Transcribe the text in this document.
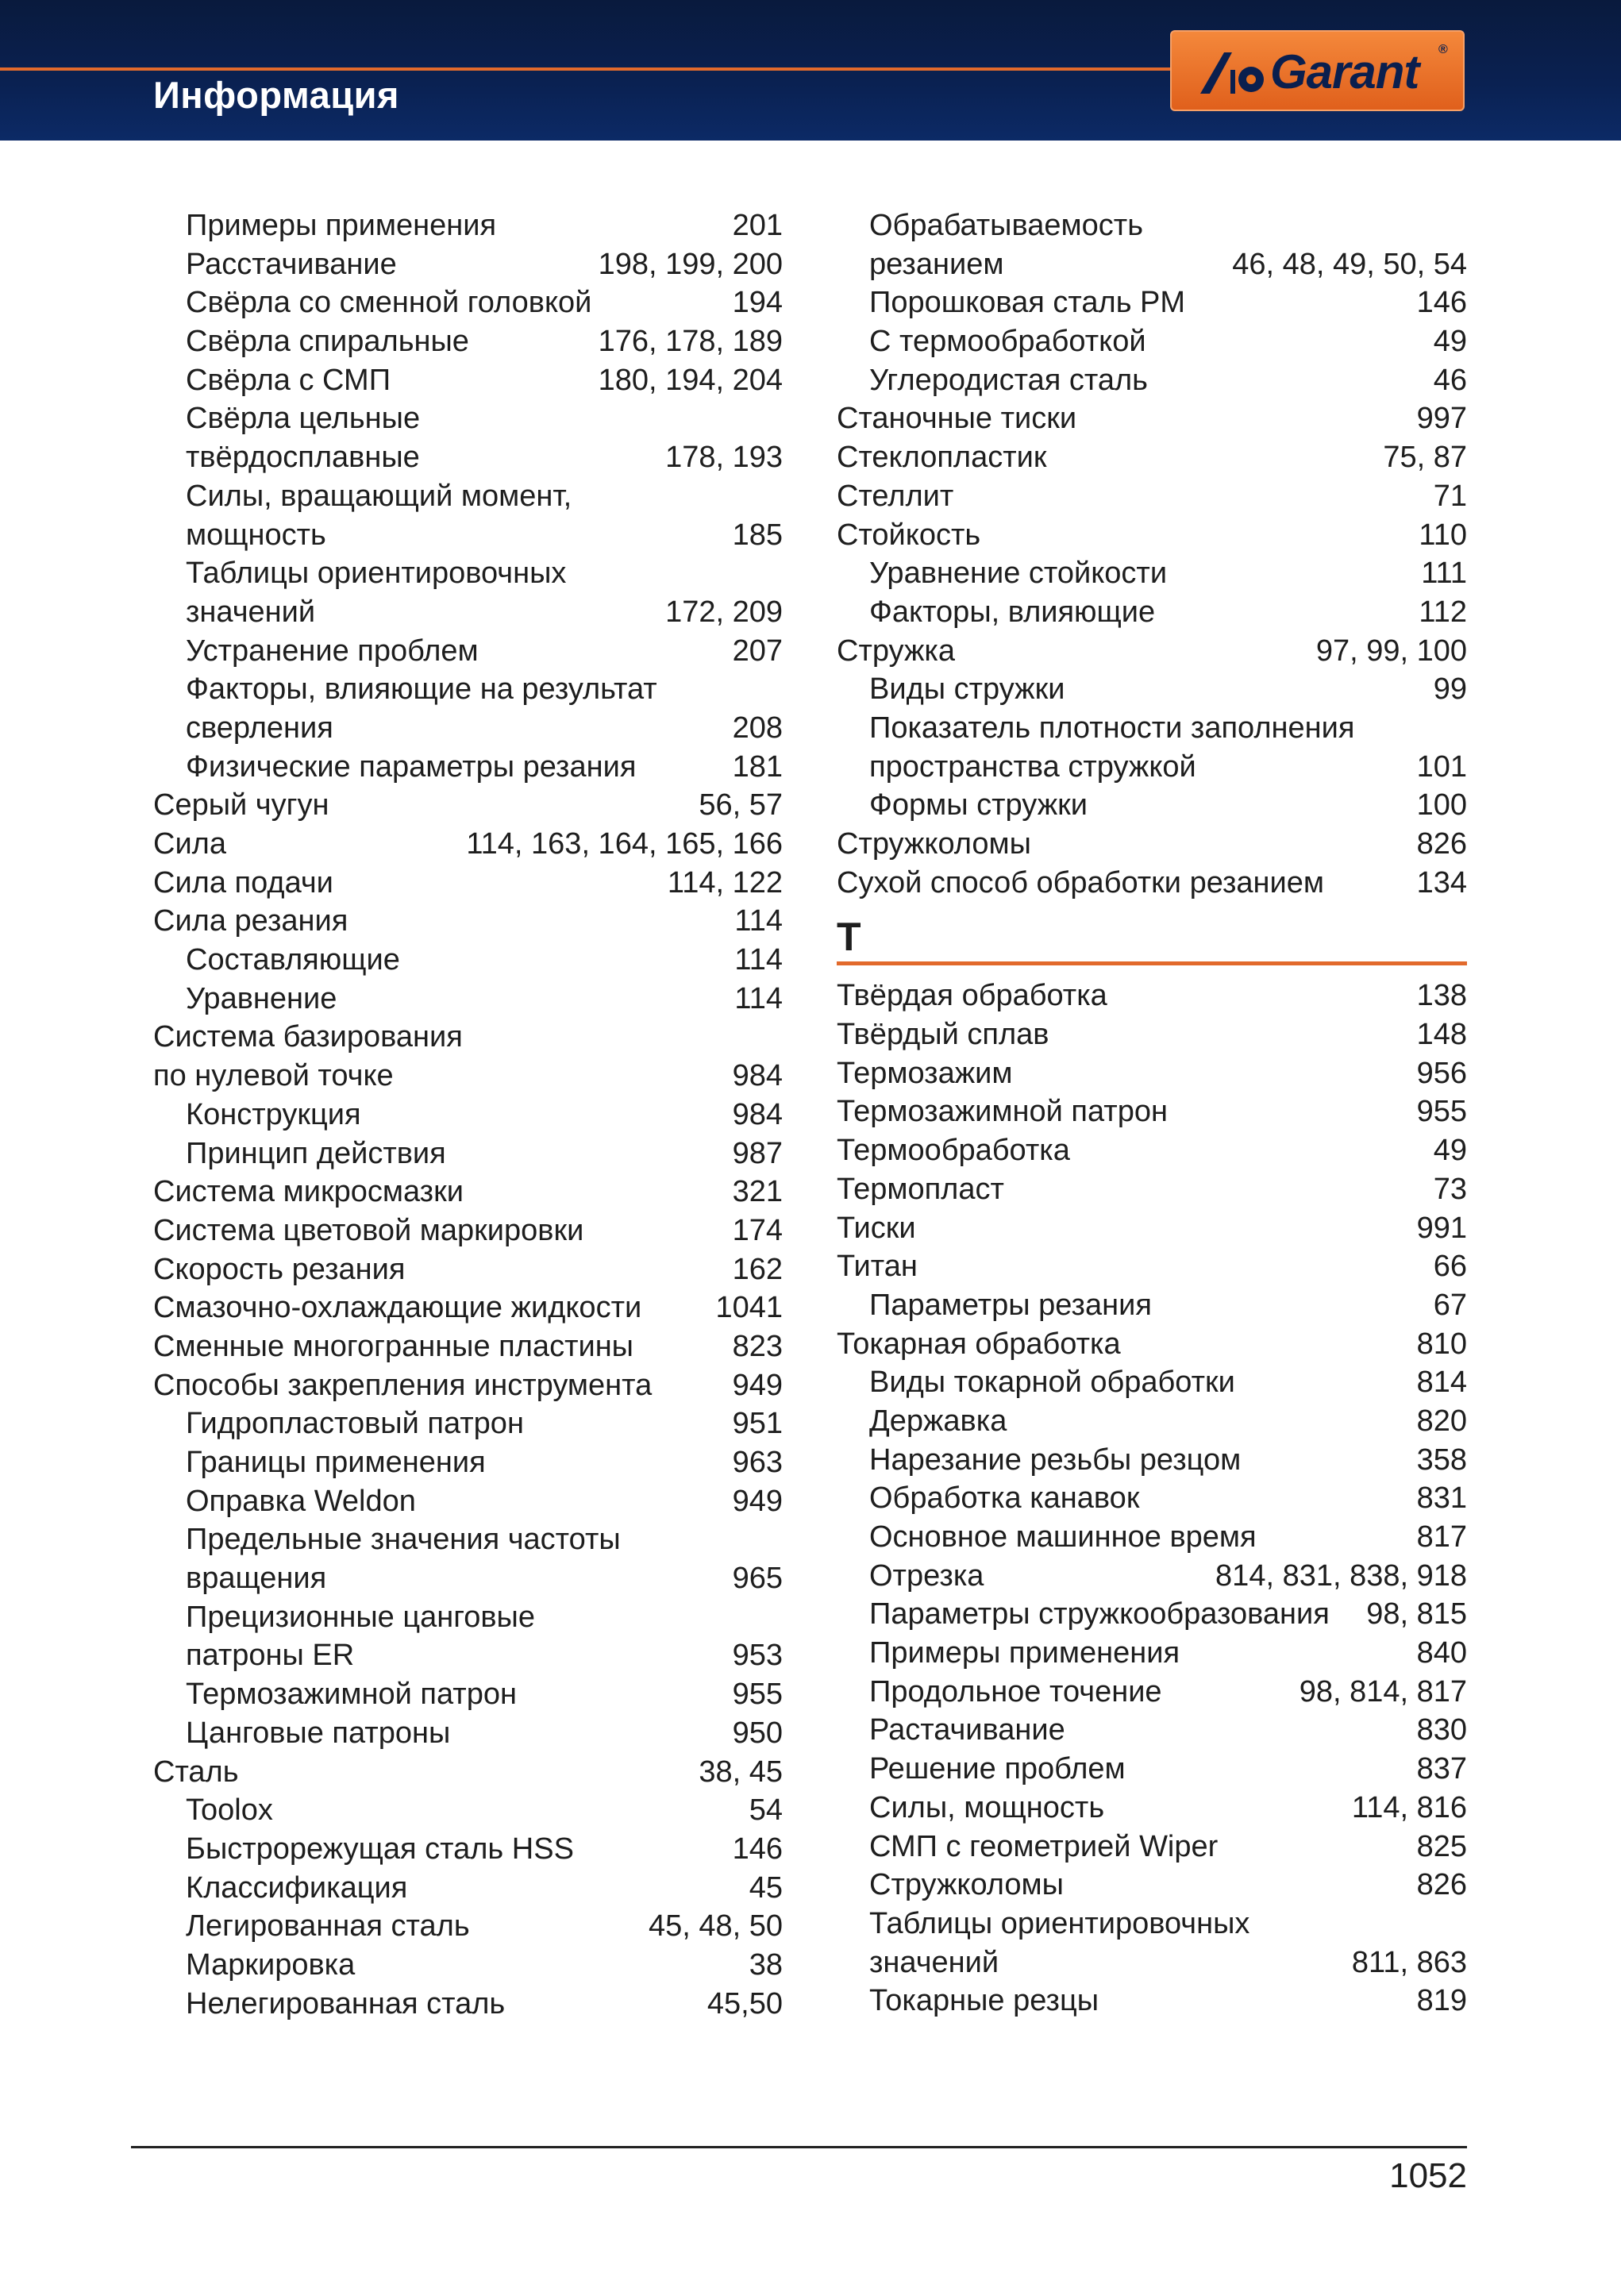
Информация	Garant ®
Примеры применения	201
Расстачивание	198, 199, 200
Свёрла со сменной головкой	194
Свёрла спиральные	176, 178, 189
Свёрла с СМП	180, 194, 204
Свёрла цельные
твёрдосплавные	178, 193
Силы, вращающий момент,
мощность	185
Таблицы ориентировочных
значений	172, 209
Устранение проблем	207
Факторы, влияющие на результат
сверления	208
Физические параметры резания	181
Серый чугун	56, 57
Сила	114, 163, 164, 165, 166
Сила подачи	114, 122
Сила резания	114
Составляющие	114
Уравнение	114
Система базирования
по нулевой точке	984
Конструкция	984
Принцип действия	987
Система микросмазки	321
Система цветовой маркировки	174
Скорость резания	162
Смазочно-охлаждающие жидкости 1041
Сменные многогранные пластины	823
Способы закрепления инструмента	949
Гидропластовый патрон	951
Границы применения	963
Оправка Weldon	949
Предельные значения частоты
вращения	965
Прецизионные цанговые
патроны ER	953
Термозажимной патрон	955
Цанговые патроны	950
Сталь	38, 45
Toolox	54
Быстрорежущая сталь HSS	146
Классификация	45
Легированная сталь	45, 48, 50
Маркировка	38
Нелегированная сталь	45,50
Обрабатываемость
резанием	46, 48, 49, 50, 54
Порошковая сталь PM	146
С термообработкой	49
Углеродистая сталь	46
Станочные тиски	997
Стеклопластик	75, 87
Стеллит	71
Стойкость	110
Уравнение стойкости	111
Факторы, влияющие	112
Стружка	97, 99, 100
Виды стружки	99
Показатель плотности заполнения
пространства стружкой	101
Формы стружки	100
Стружколомы	826
Сухой способ обработки резанием	134
Т
Твёрдая обработка	138
Твёрдый сплав	148
Термозажим	956
Термозажимной патрон	955
Термообработка	49
Термопласт	73
Тиски	991
Титан	66
Параметры резания	67
Токарная обработка	810
Виды токарной обработки	814
Державка	820
Нарезание резьбы резцом	358
Обработка канавок	831
Основное машинное время	817
Отрезка	814, 831, 838, 918
Параметры стружкообразования 98, 815
Примеры применения	840
Продольное точение	98, 814, 817
Растачивание	830
Решение проблем	837
Силы, мощность	114, 816
СМП с геометрией Wiper	825
Стружколомы	826
Таблицы ориентировочных
значений	811, 863
Токарные резцы	819
1052
